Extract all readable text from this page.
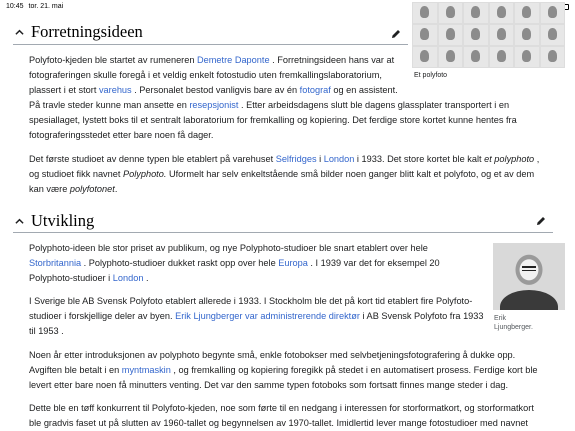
10:45 tor. 21. mai
Forretningsideen
Et polyfoto
Polyfoto-kjeden ble startet av rumeneren Demetre Daponte . Forretningsideen hans var at
fotograferingen skulle foregå i et veldig enkelt fotostudio uten fremkallingslaboratorium,
plassert i et stort varehus . Personalet bestod vanligvis bare av én fotograf og en assistent.
På travle steder kunne man ansette en resepsjonist . Etter arbeidsdagens slutt ble dagens glassplater transportert i en
spesiallaget, lystett boks til et sentralt laboratorium for fremkalling og kopiering. Det ferdige store kortet kunne hentes fra
fotograferingsstedet etter bare noen få dager.
Det første studioet av denne typen ble etablert på varehuset Selfridges i London i 1933. Det store kortet ble kalt et polyphoto ,
og studioet fikk navnet Polyphoto. Uformelt har selv enkeltstående små bilder noen ganger blitt kalt et polyfoto, og et av dem
kan være polyfotonet.
Utvikling
Erik
Ljungberger.
Polyphoto-ideen ble stor priset av publikum, og nye Polyphoto-studioer ble snart etablert over hele
Storbritannia . Polyphoto-studioer dukket raskt opp over hele Europa . I 1939 var det for eksempel 20
Polyphoto-studioer i London .
I Sverige ble AB Svensk Polyfoto etablert allerede i 1933. I Stockholm ble det på kort tid etablert fire Polyfoto-
studioer i forskjellige deler av byen. Erik Ljungberger var administrerende direktør i AB Svensk Polyfoto fra 1933
til 1953 .
Noen år etter introduksjonen av polyphoto begynte små, enkle fotobokser med selvbetjeningsfotografering å dukke opp.
Avgiften ble betalt i en myntmaskin , og fremkalling og kopiering foregikk på stedet i en automatisert prosess. Ferdige kort ble
levert etter bare noen få minutters venting. Det var den samme typen fotoboks som fortsatt finnes mange steder i dag.
Dette ble en tøff konkurrent til Polyfoto-kjeden, noe som førte til en nedgang i interessen for storformatkort, og storformatkort
ble gradvis faset ut på slutten av 1960-tallet og begynnelsen av 1970-tallet. Imidlertid lever mange fotostudioer med navnet
